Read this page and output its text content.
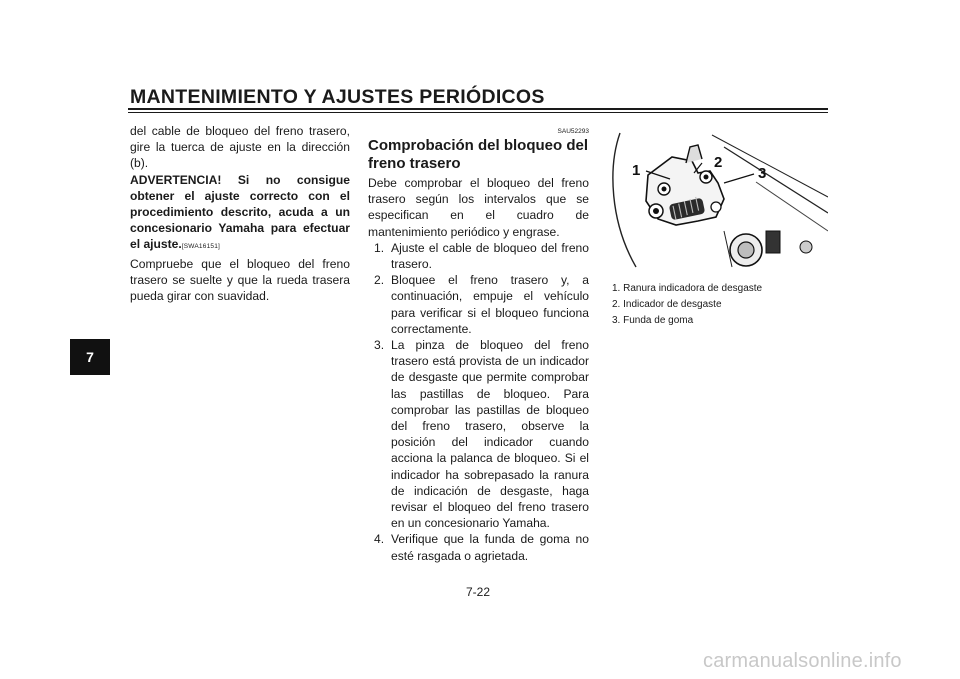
MANTENIMIENTO Y AJUSTES PERIÓDICOS
7
del cable de bloqueo del freno trasero, gire la tuerca de ajuste en la dirección (b).
ADVERTENCIA! Si no consigue obtener el ajuste correcto con el procedimiento descrito, acuda a un concesionario Yamaha para efectuar el ajuste.[SWA16151]
Compruebe que el bloqueo del freno trasero se suelte y que la rueda trasera pueda girar con suavidad.
SAU52293
Comprobación del bloqueo del freno trasero
Debe comprobar el bloqueo del freno trasero según los intervalos que se especifican en el cuadro de mantenimiento periódico y engrase.
1. Ajuste el cable de bloqueo del freno trasero.
2. Bloquee el freno trasero y, a continuación, empuje el vehículo para verificar si el bloqueo funciona correctamente.
3. La pinza de bloqueo del freno trasero está provista de un indicador de desgaste que permite comprobar las pastillas de bloqueo. Para comprobar las pastillas de bloqueo del freno trasero, observe la posición del indicador cuando acciona la palanca de bloqueo. Si el indicador ha sobrepasado la ranura de indicación de desgaste, haga revisar el bloqueo del freno trasero en un concesionario Yamaha.
4. Verifique que la funda de goma no esté rasgada o agrietada.
1	2
3
1. Ranura indicadora de desgaste
2. Indicador de desgaste
3. Funda de goma
7-22
carmanualsonline.info
